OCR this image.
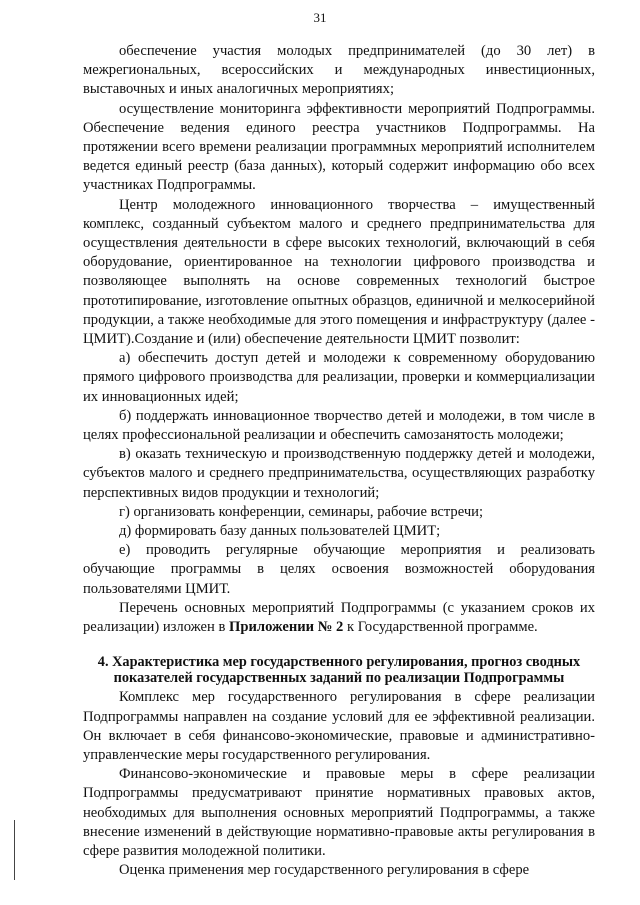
31

обеспечение участия молодых предпринимателей (до 30 лет) в межрегиональных, всероссийских и международных инвестиционных, выставочных и иных аналогичных мероприятиях;

осуществление мониторинга эффективности мероприятий Подпрограммы. Обеспечение ведения единого реестра участников Подпрограммы. На протяжении всего времени реализации программных мероприятий исполнителем ведется единый реестр (база данных), который содержит информацию обо всех участниках Подпрограммы.

Центр молодежного инновационного творчества – имущественный комплекс, созданный субъектом малого и среднего предпринимательства для осуществления деятельности в сфере высоких технологий, включающий в себя оборудование, ориентированное на технологии цифрового производства и позволяющее выполнять на основе современных технологий быстрое прототипирование, изготовление опытных образцов, единичной и мелкосерийной продукции, а также необходимые для этого помещения и инфраструктуру (далее - ЦМИТ).Создание и (или) обеспечение деятельности ЦМИТ позволит:

а) обеспечить доступ детей и молодежи к современному оборудованию прямого цифрового производства для реализации, проверки и коммерциализации их инновационных идей;

б) поддержать инновационное творчество детей и молодежи, в том числе в целях профессиональной реализации и обеспечить самозанятость молодежи;

в) оказать техническую и производственную поддержку детей и молодежи, субъектов малого и среднего предпринимательства, осуществляющих разработку перспективных видов продукции и технологий;

г) организовать конференции, семинары, рабочие встречи;

д) формировать базу данных пользователей ЦМИТ;

е) проводить регулярные обучающие мероприятия и реализовать обучающие программы в целях освоения возможностей оборудования пользователями ЦМИТ.

Перечень основных мероприятий Подпрограммы (с указанием сроков их реализации) изложен в Приложении № 2 к Государственной программе.

4. Характеристика мер государственного регулирования, прогноз сводных показателей государственных заданий по реализации Подпрограммы

Комплекс мер государственного регулирования в сфере реализации Подпрограммы направлен на создание условий для ее эффективной реализации. Он включает в себя финансово-экономические, правовые и административно-управленческие меры государственного регулирования.

Финансово-экономические и правовые меры в сфере реализации Подпрограммы предусматривают принятие нормативных правовых актов, необходимых для выполнения основных мероприятий Подпрограммы, а также внесение изменений в действующие нормативно-правовые акты регулирования в сфере развития молодежной политики.

Оценка применения мер государственного регулирования в сфере
